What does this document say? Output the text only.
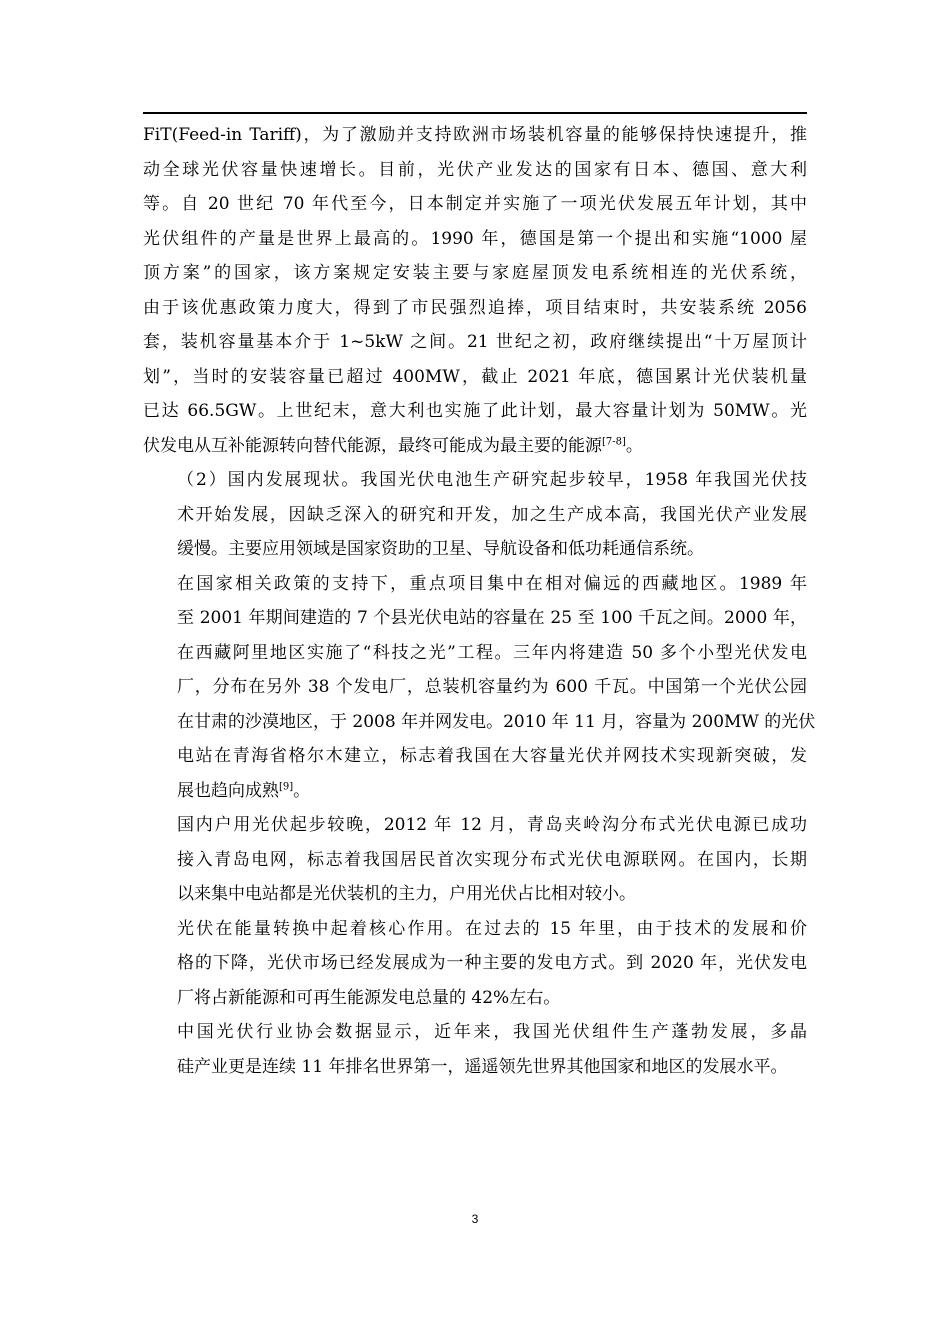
FiT(Feed-in Tariff)，为了激励并支持欧洲市场装机容量的能够保持快速提升，推
动全球光伏容量快速增长。目前，光伏产业发达的国家有日本、德国、意大利
等。自 20 世纪 70 年代至今，日本制定并实施了一项光伏发展五年计划，其中
光伏组件的产量是世界上最高的。1990 年，德国是第一个提出和实施“1000 屋
顶方案”的国家，该方案规定安装主要与家庭屋顶发电系统相连的光伏系统，
由于该优惠政策力度大，得到了市民强烈追捧，项目结束时，共安装系统 2056
套，装机容量基本介于 1~5kW 之间。21 世纪之初，政府继续提出“十万屋顶计
划”，当时的安装容量已超过 400MW，截止 2021 年底，德国累计光伏装机量
已达 66.5GW。上世纪末，意大利也实施了此计划，最大容量计划为 50MW。光
伏发电从互补能源转向替代能源，最终可能成为最主要的能源[7-8]。

（2）国内发展现状。我国光伏电池生产研究起步较早，1958 年我国光伏技
术开始发展，因缺乏深入的研究和开发，加之生产成本高，我国光伏产业发展
缓慢。主要应用领域是国家资助的卫星、导航设备和低功耗通信系统。

在国家相关政策的支持下，重点项目集中在相对偏远的西藏地区。1989 年
至 2001 年期间建造的 7 个县光伏电站的容量在 25 至 100 千瓦之间。2000 年，
在西藏阿里地区实施了“科技之光”工程。三年内将建造 50 多个小型光伏发电
厂，分布在另外 38 个发电厂，总装机容量约为 600 千瓦。中国第一个光伏公园
在甘肃的沙漠地区，于 2008 年并网发电。2010 年 11 月，容量为 200MW 的光伏
电站在青海省格尔木建立，标志着我国在大容量光伏并网技术实现新突破，发
展也趋向成熟[9]。

国内户用光伏起步较晚，2012 年 12 月，青岛夹岭沟分布式光伏电源已成功
接入青岛电网，标志着我国居民首次实现分布式光伏电源联网。在国内，长期
以来集中电站都是光伏装机的主力，户用光伏占比相对较小。

光伏在能量转换中起着核心作用。在过去的 15 年里，由于技术的发展和价
格的下降，光伏市场已经发展成为一种主要的发电方式。到 2020 年，光伏发电
厂将占新能源和可再生能源发电总量的 42%左右。

中国光伏行业协会数据显示，近年来，我国光伏组件生产蓬勃发展，多晶
硅产业更是连续 11 年排名世界第一，遥遥领先世界其他国家和地区的发展水平。

3
